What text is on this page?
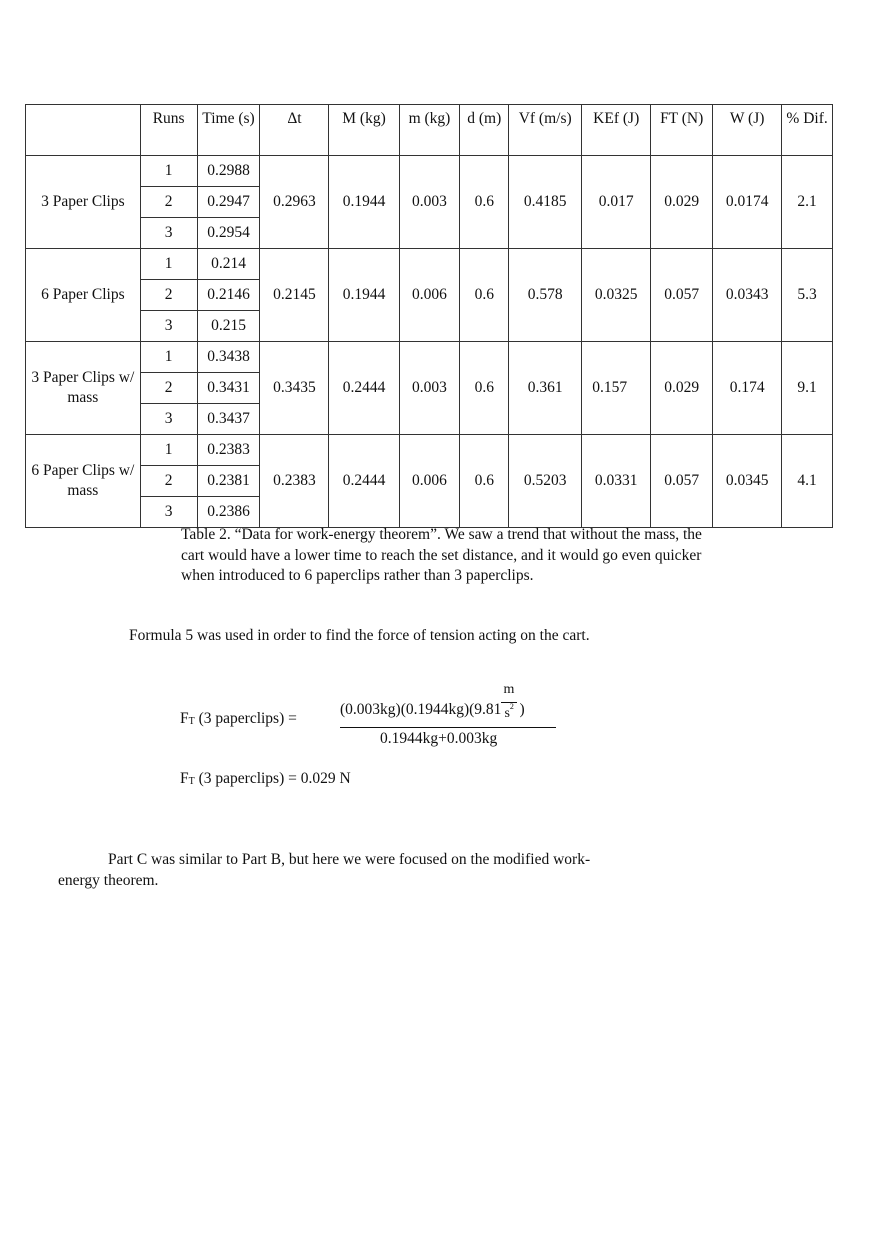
	Runs	Time (s)	Δt	M (kg)	m (kg)	d (m)	Vf (m/s)	KEf (J)	FT (N)	W (J)	% Dif.
3 Paper Clips	1	0.2988	0.2963	0.1944	0.003	0.6	0.4185	0.017	0.029	0.0174	2.1
	2	0.2947									
	3	0.2954									
6 Paper Clips	1	0.214	0.2145	0.1944	0.006	0.6	0.578	0.0325	0.057	0.0343	5.3
	2	0.2146									
	3	0.215									
3 Paper Clips w/ mass	1	0.3438	0.3435	0.2444	0.003	0.6	0.361	0.157	0.029	0.174	9.1
	2	0.3431									
	3	0.3437									
6 Paper Clips w/ mass	1	0.2383	0.2383	0.2444	0.006	0.6	0.5203	0.0331	0.057	0.0345	4.1
	2	0.2381									
	3	0.2386									
Table 2. “Data for work-energy theorem”. We saw a trend that without the mass, the cart would have a lower time to reach the set distance, and it would go even quicker when introduced to 6 paperclips rather than 3 paperclips.
Formula 5 was used in order to find the force of tension acting on the cart.
$F_T$ (3 paperclips) =
$(0.003kg)(0.1944kg)(9.81 \frac{m}{s^2}$ )
0.1944kg+0.003kg
$F_T$ (3 paperclips) = 0.029 N
Part C was similar to Part B, but here we were focused on the modified work-energy theorem.
